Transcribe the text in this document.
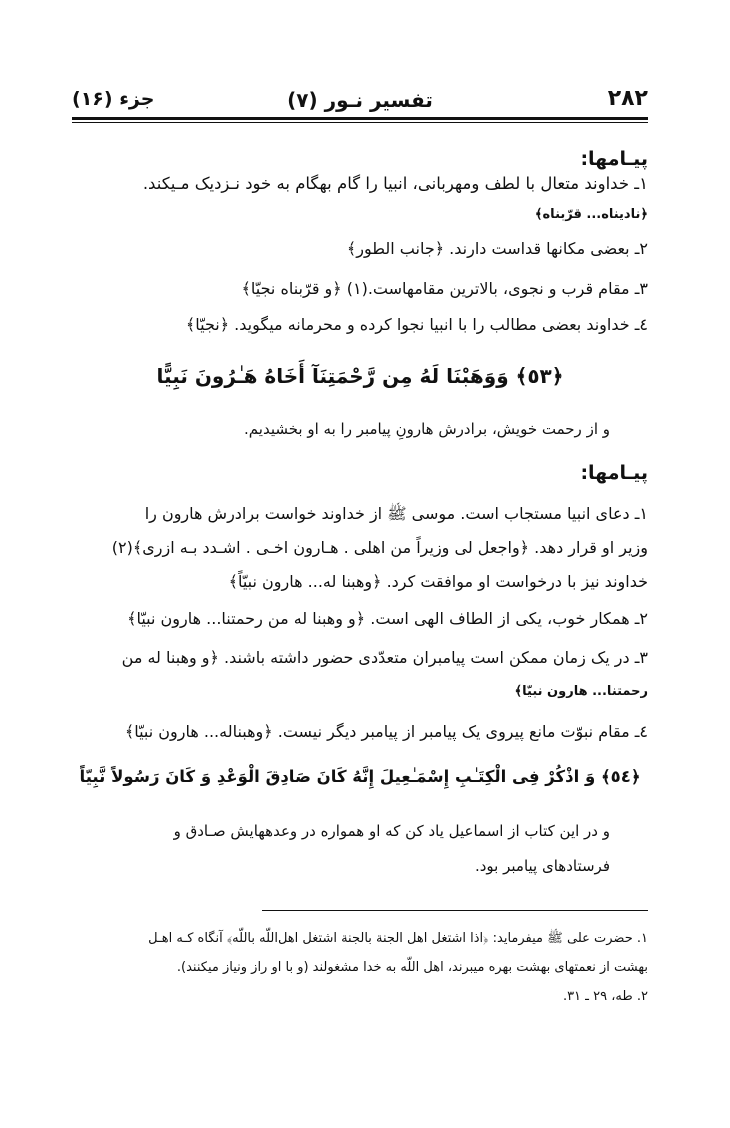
۲۸۲
تفسیر نـور (۷)
جزء (۱۶)
پیـامها:
۱ـ خداوند متعال با لطف ومهربانی، انبیا را گام بهگام به خود نـزدیک مـیکند.
﴿نادیناه... قرّبناه﴾
۲ـ بعضی مکانها قداست دارند. ﴿جانب الطور﴾
۳ـ مقام قرب و نجوی، بالاترین مقامهاست.(۱) ﴿و قرّبناه نجیّا﴾
٤ـ خداوند بعضی مطالب را با انبیا نجوا کرده و محرمانه میگوید. ﴿نجیّا﴾
﴿٥٣﴾ وَوَهَبْنَا لَهُ مِن رَّحْمَتِنَآ أَخَاهُ هَـٰرُونَ نَبِيًّا
و از رحمت خویش، برادرش هارونِ پیامبر را به او بخشیدیم.
پیـامها:
۱ـ دعای انبیا مستجاب است. موسی ﷺ از خداوند خواست برادرش هارون را
وزیر او قرار دهد. ﴿واجعل لی وزیراً من اهلی . هـارون اخـی . اشـدد بـه ازری﴾(۲)
خداوند نیز با درخواست او موافقت کرد. ﴿وهبنا له... هارون نبیّاً﴾
۲ـ همکار خوب، یکی از الطاف الهی است. ﴿و وهبنا له من رحمتنا... هارون نبیّا﴾
۳ـ در یک زمان ممکن است پیامبران متعدّدی حضور داشته باشند. ﴿و وهبنا له من
رحمتنا... هارون نبیّا﴾
٤ـ مقام نبوّت مانع پیروی یک پیامبر از پیامبر دیگر نیست. ﴿وهبناله... هارون نبیّا﴾
﴿٥٤﴾ وَ اذْكُرْ فِى الْكِتَـٰبِ إِسْمَـٰعِيلَ إِنَّهُ كَانَ صَادِقَ الْوَعْدِ وَ كَانَ رَسُولاً نَّبِيّاً
و در این کتاب از اسماعیل یاد کن که او همواره در وعدههایش صـادق و
فرستادهای پیامبر بود.
۱. حضرت علی ﷺ میفرماید: ﴿اذا اشتغل اهل الجنة بالجنة اشتغل اهل‌اللّه باللّه﴾ آنگاه کـه اهـل
بهشت از نعمتهای بهشت بهره میبرند، اهل اللّه به خدا مشغولند (و با او راز ونیاز میکنند).
۲. طه، ۲۹ ـ ۳۱.
